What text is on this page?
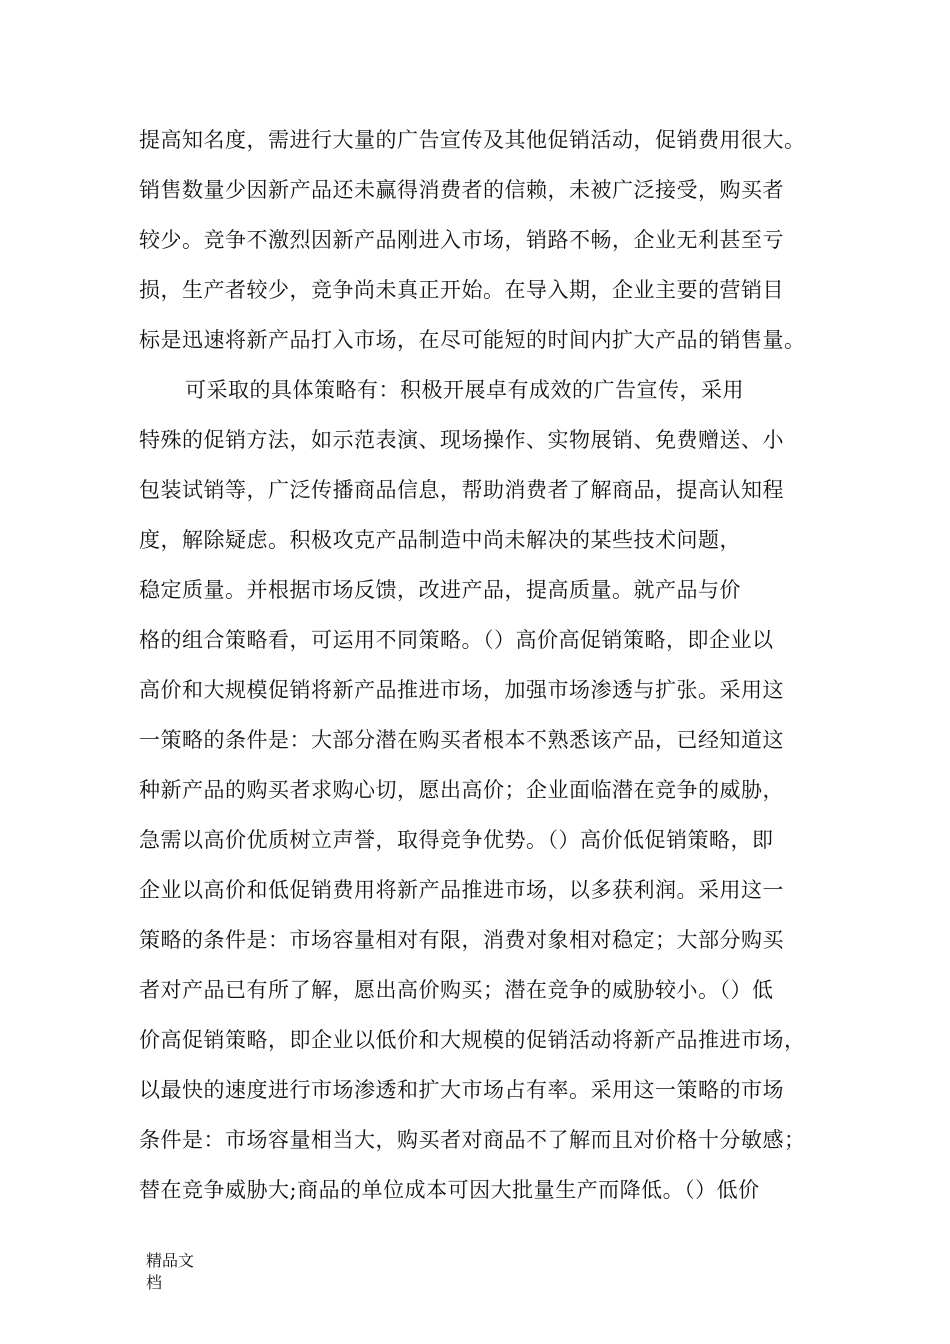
提高知名度，需进行大量的广告宣传及其他促销活动，促销费用很大。
销售数量少因新产品还未赢得消费者的信赖，未被广泛接受，购买者
较少。竞争不激烈因新产品刚进入市场，销路不畅，企业无利甚至亏
损，生产者较少，竞争尚未真正开始。在导入期，企业主要的营销目
标是迅速将新产品打入市场，在尽可能短的时间内扩大产品的销售量。
可采取的具体策略有：积极开展卓有成效的广告宣传，采用
特殊的促销方法，如示范表演、现场操作、实物展销、免费赠送、小
包装试销等，广泛传播商品信息，帮助消费者了解商品，提高认知程
度，解除疑虑。积极攻克产品制造中尚未解决的某些技术问题，
稳定质量。并根据市场反馈，改进产品，提高质量。就产品与价
格的组合策略看，可运用不同策略。（）高价高促销策略，即企业以
高价和大规模促销将新产品推进市场，加强市场渗透与扩张。采用这
一策略的条件是：大部分潜在购买者根本不熟悉该产品，已经知道这
种新产品的购买者求购心切，愿出高价；企业面临潜在竞争的威胁，
急需以高价优质树立声誉，取得竞争优势。（）高价低促销策略，即
企业以高价和低促销费用将新产品推进市场，以多获利润。采用这一
策略的条件是：市场容量相对有限，消费对象相对稳定；大部分购买
者对产品已有所了解，愿出高价购买；潜在竞争的威胁较小。（）低
价高促销策略，即企业以低价和大规模的促销活动将新产品推进市场，
以最快的速度进行市场渗透和扩大市场占有率。采用这一策略的市场
条件是：市场容量相当大，购买者对商品不了解而且对价格十分敏感；
替在竞争威胁大;商品的单位成本可因大批量生产而降低。（）低价
精品文档
